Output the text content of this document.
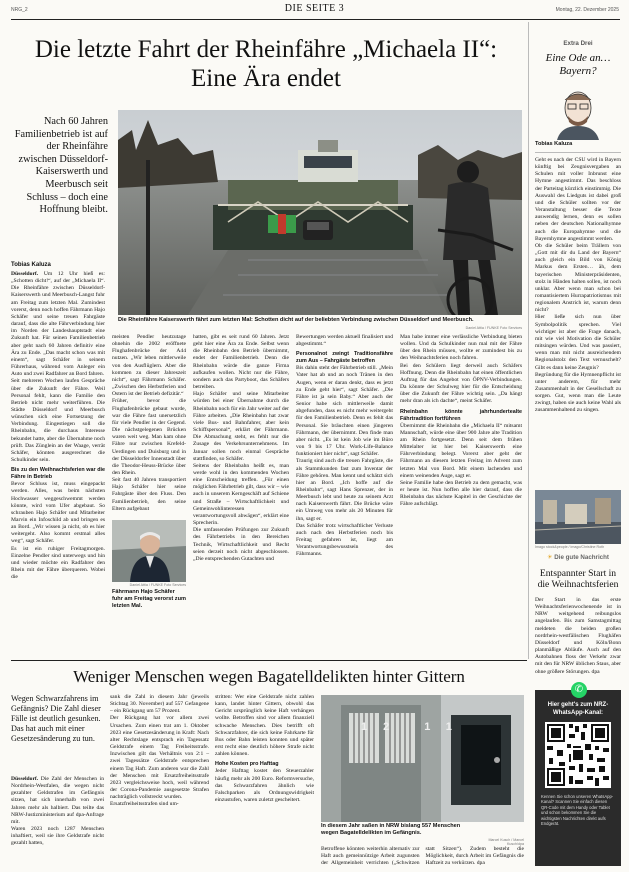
NRG_2	DIE SEITE 3	Montag, 22. Dezember 2025
Die letzte Fahrt der Rheinfähre „Michaela II“:
Eine Ära endet
Nach 60 Jahren Familienbetrieb ist auf der Rheinfähre zwischen Düsseldorf-Kaiserswerth und Meerbusch seit Schluss – doch eine Hoffnung bleibt.
Tobias Kaluza
Die Rheinfähre Kaiserswerth fährt zum letzten Mal: Schotten dicht auf der beliebten Verbindung zwischen Düsseldorf und Meerbusch.
Daniel Attia / FUNKE Foto Services

Düsseldorf. Um 12 Uhr hieß es: „Schotten dicht!“, auf der „Michaela II“. Die Rheinfähre zwischen Düsseldorf-Kaiserswerth und Meerbusch-Langst fuhr am Freitag zum letzten Mal. Zumindest vorerst, denn noch hoffen Fährmann Hajo Schäfer und seine treuen Fahrgäste darauf, dass die alte Fährverbindung hier im Norden der Landeshauptstadt eine Zukunft hat. Für seinen Familienbetrieb aber geht nach 60 Jahren definitiv eine Ära zu Ende. „Das macht schon was mit einem“, sagt Schäfer in seinem Führerhaus, während vom Anleger ein Auto und zwei Radfahrer an Bord fahren.

Seit mehreren Wochen laufen Gespräche über die Zukunft der Fähre. Weil Personal fehlt, kann die Familie den Betrieb nicht mehr weiterführen. Die Städte Düsseldorf und Meerbusch wünschen sich eine Fortsetzung der Verbindung. Eingestiegen soll die Rheinbahn, die durchaus Interesse bekundet hatte, aber die Übernahme noch prüft. Das Zünglein an der Waage, verrät Schäfer, könnten ausgerechnet die Schulkinder sein.

Bis zu den Weihnachtsferien war die Fähre in Betrieb

Bevor Schluss ist, muss eingepackt werden. Alles, was beim nächsten Hochwasser weggeschwemmt werden könnte, wird vom Ufer abgebaut. So schrauben Hajo Schäfer und Mitarbeiter Marvin ein Infoschild ab und bringen es an Bord. „Wir wissen ja nicht, ob es hier weitergeht. Also kommt erstmal alles weg“, sagt Schäfer.

Es ist ein ruhiger Freitagmorgen. Einzelne Pendler sind unterwegs und hin und wieder möchte ein Radfahrer den Rhein mit der Fähre überqueren. Wobei die

meisten Pendler heutzutage ohnehin die 2002 eröffnete Flughafenbrücke der A44 nutzen. „Wir leben mittlerweile von den Ausflüglern. Aber die kommen zu dieser Jahreszeit nicht“, sagt Fährmann Schäfer. „Zwischen den Herbstferien und Ostern ist der Betrieb defizitär.“

Früher, bevor die Flughafenbrücke gebaut wurde, war die Fähre fast unersetzlich für viele Pendler in der Gegend. Die nächstgelegenen Brücken waren weit weg. Man kam ohne Fähre nur zwischen Krefeld-Uerdingen und Duisburg und in der Düsseldorfer Innenstadt über die Theodor-Heuss-Brücke über den Rhein.

Seit fast 40 Jahren transportiert Hajo Schäfer hier seine Fahrgäste über den Fluss. Den Familienbetrieb, den seine Eltern aufgebaut

Daniel Attia / FUNKE Foto Services
Fährmann Hajo Schäfer fuhr am Freitag verorst zum letzten Mal.

hatten, gibt es seit rund 60 Jahren. Jetzt geht hier eine Ära zu Ende. Selbst wenn die Rheinbahn den Betrieb übernimmt, endet der Familienbetrieb. Denn die Rheinbahn würde die ganze Firma aufkaufen wollen. Nicht nur die Fähre, sondern auch das Partyboot, das Schäfers betreiben.

Hajo Schäfer und seine Mitarbeiter würden bei einer Übernahme durch die Rheinbahn noch für ein Jahr weiter auf der Fähre arbeiten. „Die Rheinbahn hat zwar viele Bus- und Bahnfahrer, aber kein Schiffspersonal“, erklärt der Fährmann. Die Abmachung steht, es fehlt nur die Zusage des Verkehrsunternehmens. Im Januar sollen noch einmal Gespräche stattfinden, so Schäfer.

Seitens der Rheinbahn heißt es, man werde wohl in den kommenden Wochen eine Entscheidung treffen. „Für einen möglichen Fährbetrieb gilt, dass wir – wie auch in unserem Kerngeschäft auf Schiene und Straße – Wirtschaftlichkeit und Gemeinwohlinteressen verantwortungsvoll abwägen“, erklärt eine Sprecherin.

Die umfassenden Prüfungen zur Zukunft des Fährbetriebs in den Bereichen Technik, Wirtschaftlichkeit und Recht seien derzeit noch nicht abgeschlossen. „Die entsprechenden Gutachten und

Bewertungen werden aktuell finalisiert und abgestimmt.“

Personalnot zwingt Traditionsfähre zum Aus – Fahrgäste betroffen

Bis dahin steht der Fährbetrieb still. „Mein Vater hat ab und an noch Tränen in den Augen, wenn er daran denkt, dass es jetzt zu Ende geht hier“, sagt Schäfer. „Die Fähre ist ja sein Baby.“ Aber auch der Senior habe sich mittlerweile damit abgefunden, dass es nicht mehr weitergeht für den Familienbetrieb. Denn es fehlt das Personal. Sie bräuchten einen jüngeren Fährmann, der übernimmt. Den finde man aber nicht. „Es ist kein Job wie im Büro von 9 bis 17 Uhr. Work-Life-Balance funktioniert hier nicht“, sagt Schäfer.

Traurig sind auch die treuen Fahrgäste, die als Stammkunden fast zum Inventar der Fähre gehören. Man kennt und schätzt sich hier an Bord. „Ich hoffe auf die Rheinbahn“, sagt Hans Sprenzer, der in Meerbusch lebt und heute zu seinem Arzt nach Kaiserswerth fährt. Die Brücke wäre ein Umweg von mehr als 20 Minuten für ihn, sagt er.

Das Schäfer trotz wirtschaftlicher Verluste auch nach den Herbstferien noch bis Freitag gefahren ist, liegt am Verantwortungsbewusstsein des Fährmanns.

Man habe immer eine verlässliche Verbindung bieten wollen. Und da Schulkinder nun mal mit der Fähre über den Rhein müssen, wollte er zumindest bis zu den Weihnachtsferien noch fahren.

Bei den Schülern liegt derweil auch Schäfers Hoffnung. Denn die Rheinbahn hat einen öffentlichen Auftrag für das Angebot von ÖPNV-Verbindungen. Da könnte der Schulweg hier für die Entscheidung über die Zukunft der Fähre wichtig sein. „Da hängt mehr dran als ich dachte“, meint Schäfer.

Rheinbahn könnte jahrhundertealte Fährtradition fortführen

Übernimmt die Rheinbahn die „Michaela II“ mitsamt Mannschaft, würde eine über 900 Jahre alte Tradition am Rhein fortgesetzt. Denn seit dem frühen Mittelalter ist hier bei Kaiserswerth eine Fährverbindung belegt. Vorerst aber geht der Fährmann an diesem letzten Freitag im Advent zum letzten Mal von Bord. Mit einem lachenden und einem weinenden Auge, sagt er.

Seine Familie habe den Betrieb zu dem gemacht, was er heute ist. Nun hoffen alle hier darauf, dass die Rheinbahn das nächste Kapitel in der Geschichte der Fähre aufschlägt.

Extra Drei
Eine Ode an… Bayern?
Tobias Kaluza

Geht es nach der CSU wird in Bayern künftig bei Zeugnisvergaben an Schulen mit voller Inbrunst eine Hymne angestimmt. Das beschloss der Parteitag kürzlich einstimmig. Die Auswahl des Liedguts ist dabei groß und die Schüler sollten vor der Veranstaltung besser die Texte auswendig lernen, denn es sollen neben der deutschen Nationalhymne auch die Europahymne und die Bayernhymne angestimmt werden.

Ob die Schüler beim Trällern von „Gott mit dir du Land der Bayern“ auch gleich ein Bild von König Markus dem Ersten… äh, dem bayerischen Ministerpräsidenten, stolz in Händen halten sollen, ist noch unklar. Aber wenn man schon bei romantisiertem Hurrapatriotismus mit regionalem Anstrich ist, warum denn nicht?

Hier ließe sich nun über Symbolpolitik sprechen. Viel wichtiger ist aber die Frage danach, mit wie viel Motivation die Schüler mitsingen würden. Und was passiert, wenn man mit nicht ausreichendem Regionalstolz den Text vernuschelt? Gibt es dann keine Zeugnis?

Begründung für die Hymnenpflicht ist unter anderem, für mehr Zusammenhalt in der Gesellschaft zu sorgen. Gut, wenn man die Leute zwingt, haben sie auch keine Wahl als zusammenhaltend zu singen.

Imago stock&people / imago/Christine Roth
☀ Die gute Nachricht
Entspannter Start in die Weihnachtsferien
Der Start in das erste Weihnachtsferienwochenende ist in NRW weitgehend reibungslos angelaufen. Bis zum Samstagmittag meldeten die beiden großen nordrhein-westfälischen Flughäfen Düsseldorf und Köln/Bonn planmäßige Abläufe. Auch auf den Autobahnen floss der Verkehr zwar mit den für NRW üblichen Staus, aber ohne größere Störungen. dpa
Weniger Menschen wegen Bagatelldelikten hinter Gittern
Wegen Schwarzfahrens im Gefängnis? Die Zahl dieser Fälle ist deutlich gesunken. Das hat auch mit einer Gesetzesänderung zu tun.

Düsseldorf. Die Zahl der Menschen in Nordrhein-Westfalen, die wegen nicht gezahlter Geldstrafen im Gefängnis sitzen, hat sich innerhalb von zwei Jahren mehr als halbiert. Das teilte das NRW-Justizministerium auf dpa-Anfrage mit.

Waren 2023 noch 1287 Menschen inhaftiert, weil sie ihre Geldstrafe nicht gezahlt hatten,

sank die Zahl in diesem Jahr (jeweils Stichtag 30. November) auf 557 Gefangene – ein Rückgang um 57 Prozent.

Der Rückgang hat vor allem zwei Ursachen. Zum einen trat am 1. Oktober 2023 eine Gesetzesänderung in Kraft: Nach alter Rechtslage entsprach ein Tagessatz Geldstrafe einem Tag Freiheitsstrafe. Inzwischen gilt das Verhältnis von 2:1 – zwei Tagessätze Geldstrafe entsprechen einem Tag Haft. Zum anderen war die Zahl der Menschen mit Ersatzfreiheitsstrafe 2023 vergleichsweise hoch, weil während der Corona-Pandemie ausgesetzte Strafen nachträglich vollstreckt wurden.

Ersatzfreiheitsstrafen sind um-

stritten: Wer eine Geldstrafe nicht zahlen kann, landet hinter Gittern, obwohl das Gericht ursprünglich keine Haft verhängen wollte. Betroffen sind vor allem finanziell schwache Menschen. Dies betrifft oft Schwarzfahrer, die sich keine Fahrkarte für Bus oder Bahn leisten konnten und später erst recht eine deutlich höhere Strafe nicht zahlen können.

Hohe Kosten pro Hafttag

Jeder Hafttag kostet den Steuerzahler häufig mehr als 200 Euro. Reformversuche, das Schwarzfahren ähnlich wie Falschparken als Ordnungswidrigkeit einzustufen, waren zuletzt gescheitert.

12 11
In diesem Jahr saßen in NRW bislang 557 Menschen wegen Bagatelldelikten im Gefängnis.
Marcel Kusch / Marcel Kusch/dpa

Betroffene könnten weiterhin alternativ zur Haft auch gemeinnützige Arbeit zugunsten der Allgemeinheit verrichten („Schwitzen statt Sitzen“). Zudem besteht die Möglichkeit, durch Arbeit im Gefängnis die Haftzeit zu verkürzen. dpa

✆
Hier geht's zum NRZ-WhatsApp-Kanal:
Kennen Sie schon unseren WhatsApp-Kanal? Scannen Sie einfach diesen QR-Code mit dem Handy oder Tablet und schon bekommen Sie die wichtigsten Nachrichten direkt aufs Endgerät.
